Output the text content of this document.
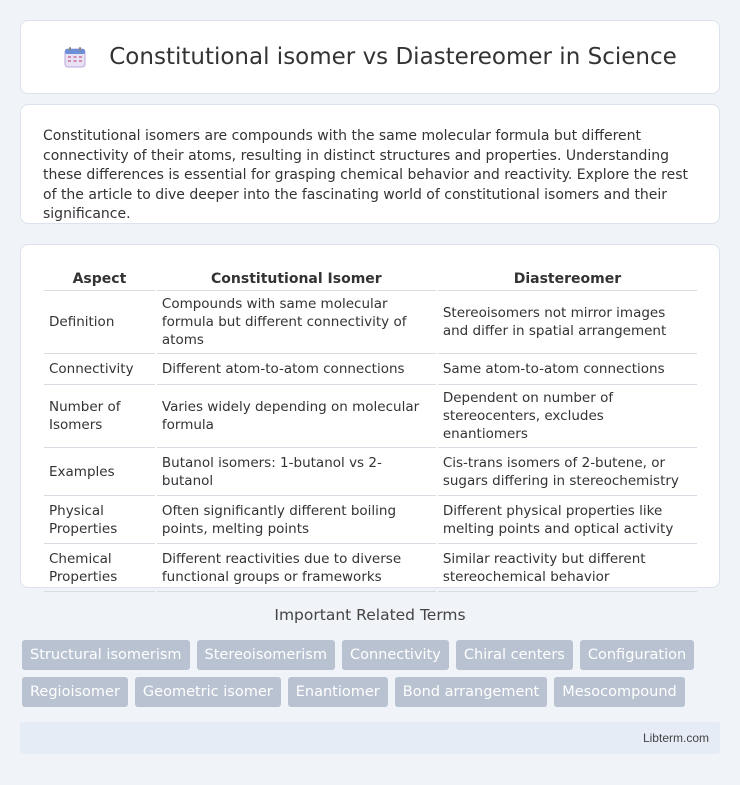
Constitutional isomer vs Diastereomer in Science

Constitutional isomers are compounds with the same molecular formula but different connectivity of their atoms, resulting in distinct structures and properties. Understanding these differences is essential for grasping chemical behavior and reactivity. Explore the rest of the article to dive deeper into the fascinating world of constitutional isomers and their significance.

Aspect	Constitutional Isomer	Diastereomer
Definition	Compounds with same molecular formula but different connectivity of atoms	Stereoisomers not mirror images and differ in spatial arrangement
Connectivity	Different atom-to-atom connections	Same atom-to-atom connections
Number of Isomers	Varies widely depending on molecular formula	Dependent on number of stereocenters, excludes enantiomers
Examples	Butanol isomers: 1-butanol vs 2-butanol	Cis-trans isomers of 2-butene, or sugars differing in stereochemistry
Physical Properties	Often significantly different boiling points, melting points	Different physical properties like melting points and optical activity
Chemical Properties	Different reactivities due to diverse functional groups or frameworks	Similar reactivity but different stereochemical behavior
Important Related Terms
Structural isomerism	Stereoisomerism	Connectivity	Chiral centers	Configuration
Regioisomer	Geometric isomer	Enantiomer	Bond arrangement	Mesocompound
Libterm.com
